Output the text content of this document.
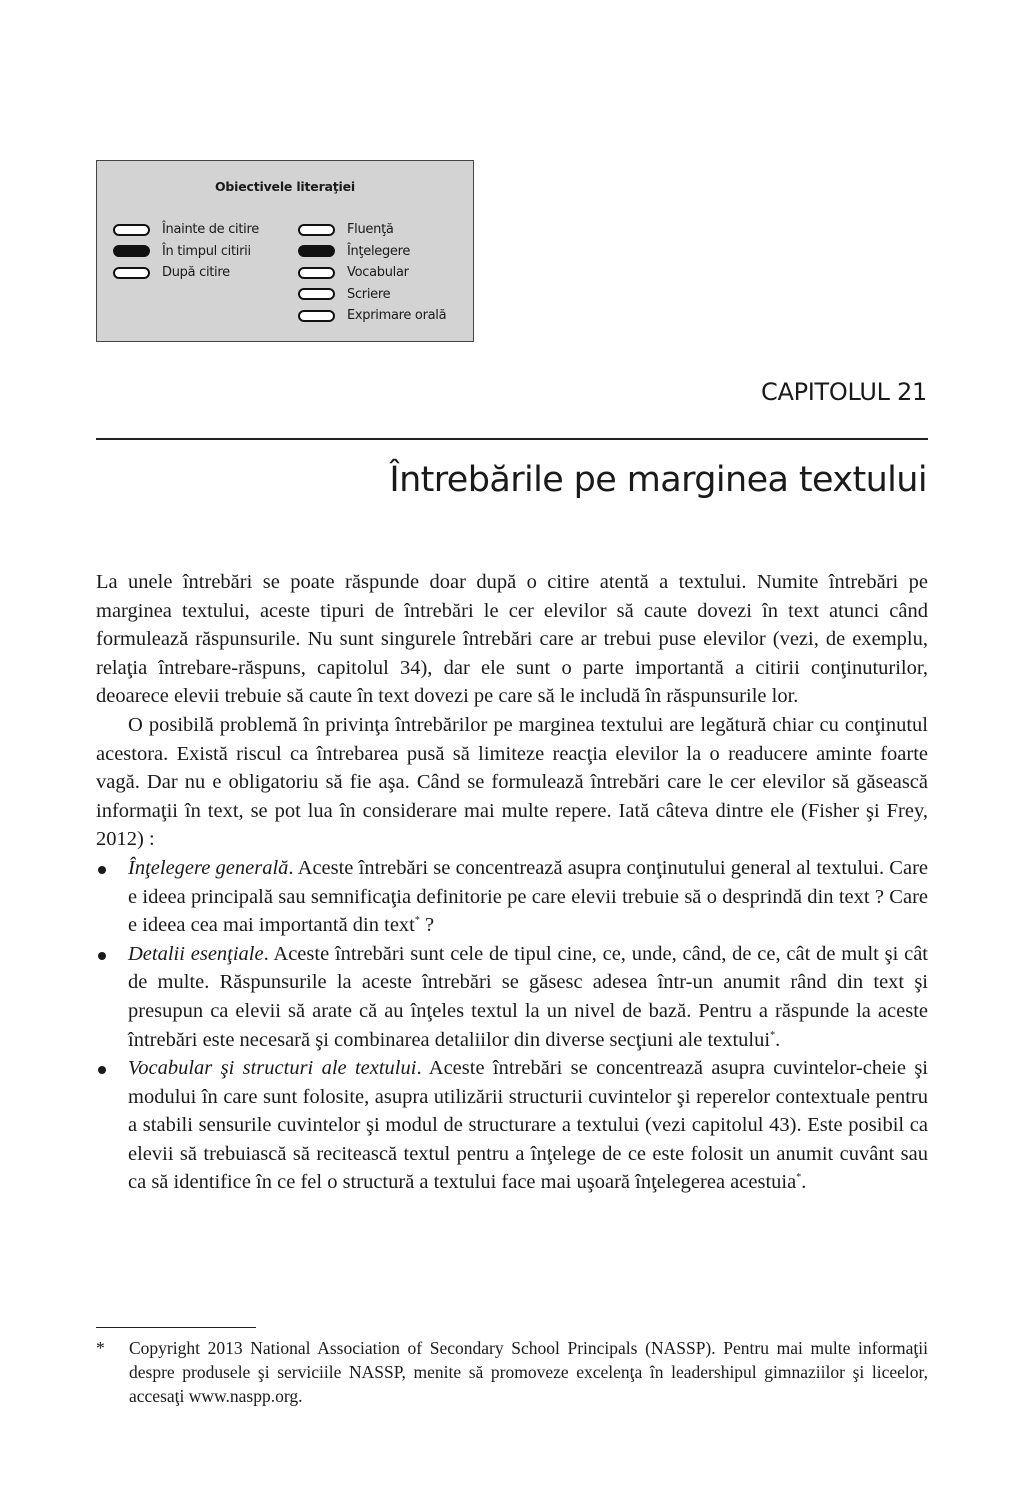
Obiectivele literaţiei
Înainte de citire
În timpul citirii
După citire
Fluenţă
Înţelegere
Vocabular
Scriere
Exprimare orală
CAPITOLUL 21
Întrebările pe marginea textului

La unele întrebări se poate răspunde doar după o citire atentă a textului. Numite întrebări pe marginea textului, aceste tipuri de întrebări le cer elevilor să caute dovezi în text atunci când formulează răspunsurile. Nu sunt singurele întrebări care ar trebui puse elevilor (vezi, de exemplu, relaţia întrebare-răspuns, capitolul 34), dar ele sunt o parte importantă a citirii conţinuturilor, deoarece elevii trebuie să caute în text dovezi pe care să le includă în răspunsurile lor.

O posibilă problemă în privinţa întrebărilor pe marginea textului are legătură chiar cu conţinutul acestora. Există riscul ca întrebarea pusă să limiteze reacţia elevilor la o readucere aminte foarte vagă. Dar nu e obligatoriu să fie aşa. Când se formulează întrebări care le cer elevilor să găsească informaţii în text, se pot lua în considerare mai multe repere. Iată câteva dintre ele (Fisher şi Frey, 2012) :

Înţelegere generală. Aceste întrebări se concentrează asupra conţinutului general al textului. Care e ideea principală sau semnificaţia definitorie pe care elevii trebuie să o desprindă din text ? Care e ideea cea mai importantă din text* ?
Detalii esenţiale. Aceste întrebări sunt cele de tipul cine, ce, unde, când, de ce, cât de mult şi cât de multe. Răspunsurile la aceste întrebări se găsesc adesea într-un anumit rând din text şi presupun ca elevii să arate că au înţeles textul la un nivel de bază. Pentru a răspunde la aceste întrebări este necesară şi combinarea detaliilor din diverse secţiuni ale textului*.
Vocabular şi structuri ale textului. Aceste întrebări se concentrează asupra cuvintelor-cheie şi modului în care sunt folosite, asupra utilizării structurii cuvintelor şi reperelor contextuale pentru a stabili sensurile cuvintelor şi modul de structurare a textului (vezi capitolul 43). Este posibil ca elevii să trebuiască să recitească textul pentru a înţelege de ce este folosit un anumit cuvânt sau ca să identifice în ce fel o structură a textului face mai uşoară înţelegerea acestuia*.
*	Copyright 2013 National Association of Secondary School Principals (NASSP). Pentru mai multe informaţii despre produsele şi serviciile NASSP, menite să promoveze excelenţa în leadershipul gimnaziilor şi liceelor, accesaţi www.naspp.org.
